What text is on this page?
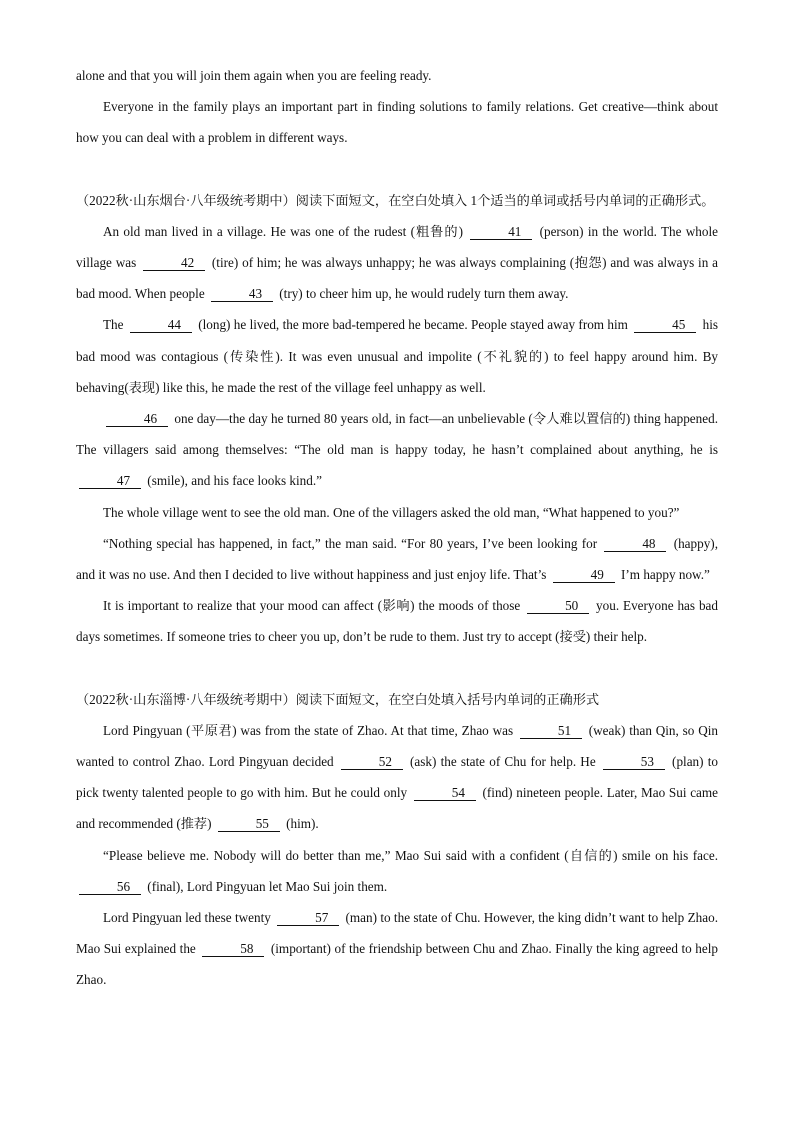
alone and that you will join them again when you are feeling ready.

Everyone in the family plays an important part in finding solutions to family relations. Get creative—think about how you can deal with a problem in different ways.

（2022秋·山东烟台·八年级统考期中）阅读下面短文，在空白处填入 1个适当的单词或括号内单词的正确形式。

An old man lived in a village. He was one of the rudest (粗鲁的)	41 (person) in the world. The whole village was	42 (tire) of him; he was always unhappy; he was always complaining (抱怨) and was always in a bad mood. When people	43 (try) to cheer him up, he would rudely turn them away.

The	44 (long) he lived, the more bad-tempered he became. People stayed away from him	45 his bad mood was contagious (传染性). It was even unusual and impolite (不礼貌的) to feel happy around him. By behaving(表现) like this, he made the rest of the village feel unhappy as well.

46 one day—the day he turned 80 years old, in fact—an unbelievable (令人难以置信的) thing happened. The villagers said among themselves: “The old man is happy today, he hasn’t complained about anything, he is 47 (smile), and his face looks kind.”

The whole village went to see the old man. One of the villagers asked the old man, “What happened to you?”

“Nothing special has happened, in fact,” the man said. “For 80 years, I’ve been looking for	48 (happy), and it was no use. And then I decided to live without happiness and just enjoy life. That’s	49 I’m happy now.”

It is important to realize that your mood can affect (影响) the moods of those	50 you. Everyone has bad days sometimes. If someone tries to cheer you up, don’t be rude to them. Just try to accept (接受) their help.

（2022秋·山东淄博·八年级统考期中）阅读下面短文，在空白处填入括号内单词的正确形式

Lord Pingyuan (平原君) was from the state of Zhao. At that time, Zhao was	51 (weak) than Qin, so Qin wanted to control Zhao. Lord Pingyuan decided	52 (ask) the state of Chu for help. He	53 (plan) to pick twenty talented people to go with him. But he could only	54 (find) nineteen people. Later, Mao Sui came and recommended (推荐)	55 (him).

“Please believe me. Nobody will do better than me,” Mao Sui said with a confident (自信的) smile on his face. 56 (final), Lord Pingyuan let Mao Sui join them.

Lord Pingyuan led these twenty	57 (man) to the state of Chu. However, the king didn’t want to help Zhao. Mao Sui explained the	58 (important) of the friendship between Chu and Zhao. Finally the king agreed to help Zhao.
